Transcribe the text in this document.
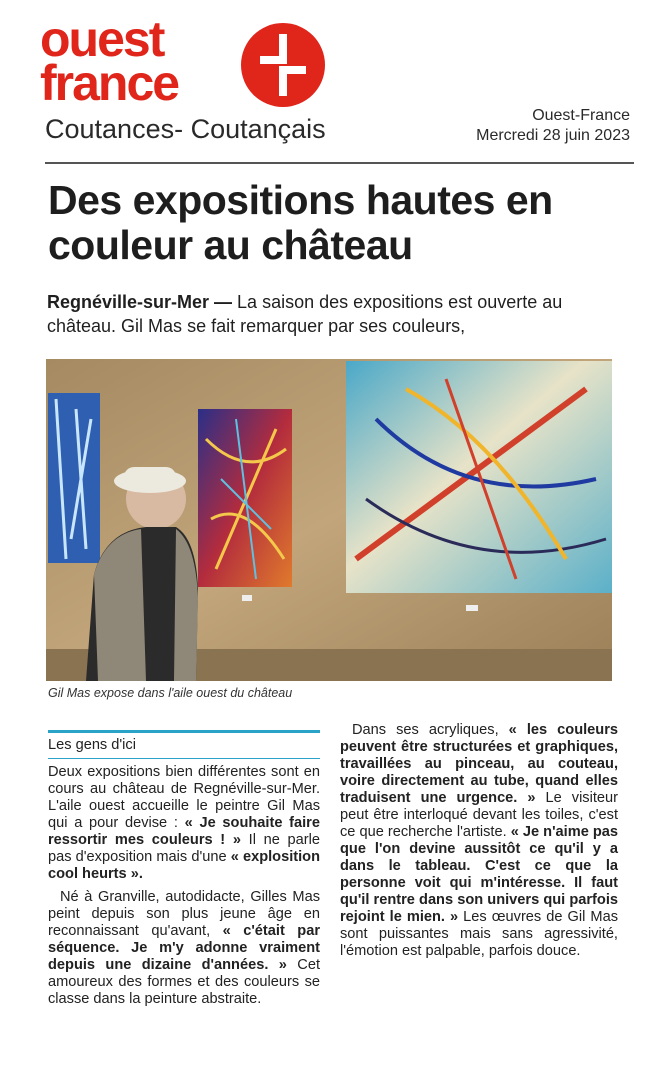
ouest
france
Coutances- Coutançais	Ouest-France
Mercredi 28 juin 2023
Des expositions hautes en couleur au château
Regnéville-sur-Mer — La saison des expositions est ouverte au château. Gil Mas se fait remarquer par ses couleurs,
Gil Mas expose dans l'aile ouest du château
Les gens d'ici

Deux expositions bien différentes sont en cours au château de Regnéville-sur-Mer. L'aile ouest accueille le peintre Gil Mas qui a pour devise : « Je souhaite faire ressortir mes couleurs ! » Il ne parle pas d'exposition mais d'une « explosition cool heurts ».

Né à Granville, autodidacte, Gilles Mas peint depuis son plus jeune âge en reconnaissant qu'avant, « c'était par séquence. Je m'y adonne vraiment depuis une dizaine d'années. » Cet amoureux des formes et des couleurs se classe dans la peinture abstraite.

Dans ses acryliques, « les couleurs peuvent être structurées et graphiques, travaillées au pinceau, au couteau, voire directement au tube, quand elles traduisent une urgence. » Le visiteur peut être interloqué devant les toiles, c'est ce que recherche l'artiste. « Je n'aime pas que l'on devine aussitôt ce qu'il y a dans le tableau. C'est ce que la personne voit qui m'intéresse. Il faut qu'il rentre dans son univers qui parfois rejoint le mien. » Les œuvres de Gil Mas sont puissantes mais sans agressivité, l'émotion est palpable, parfois douce.
